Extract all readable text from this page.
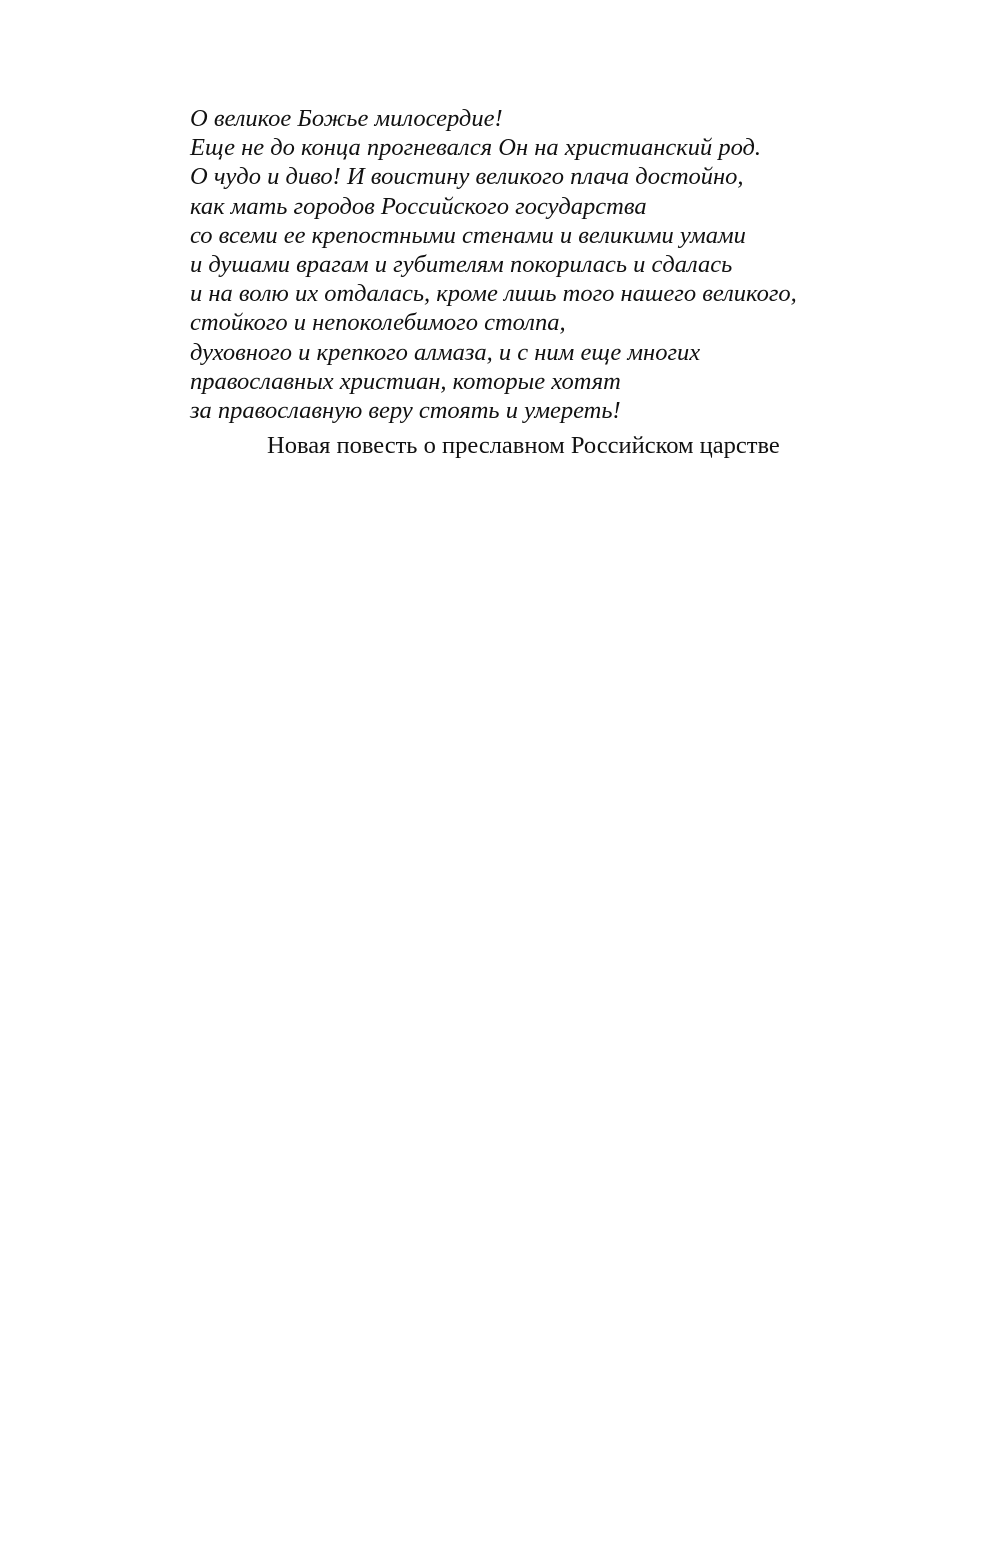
О великое Божье милосердие!
Еще не до конца прогневался Он на христианский род.
О чудо и диво! И воистину великого плача достойно,
как мать городов Российского государства
со всеми ее крепостными стенами и великими умами
и душами врагам и губителям покорилась и сдалась
и на волю их отдалась, кроме лишь того нашего великого,
стойкого и непоколебимого столпа,
духовного и крепкого алмаза, и с ним еще многих
православных христиан, которые хотят
за православную веру стоять и умереть!

Новая повесть о преславном Российском царстве
